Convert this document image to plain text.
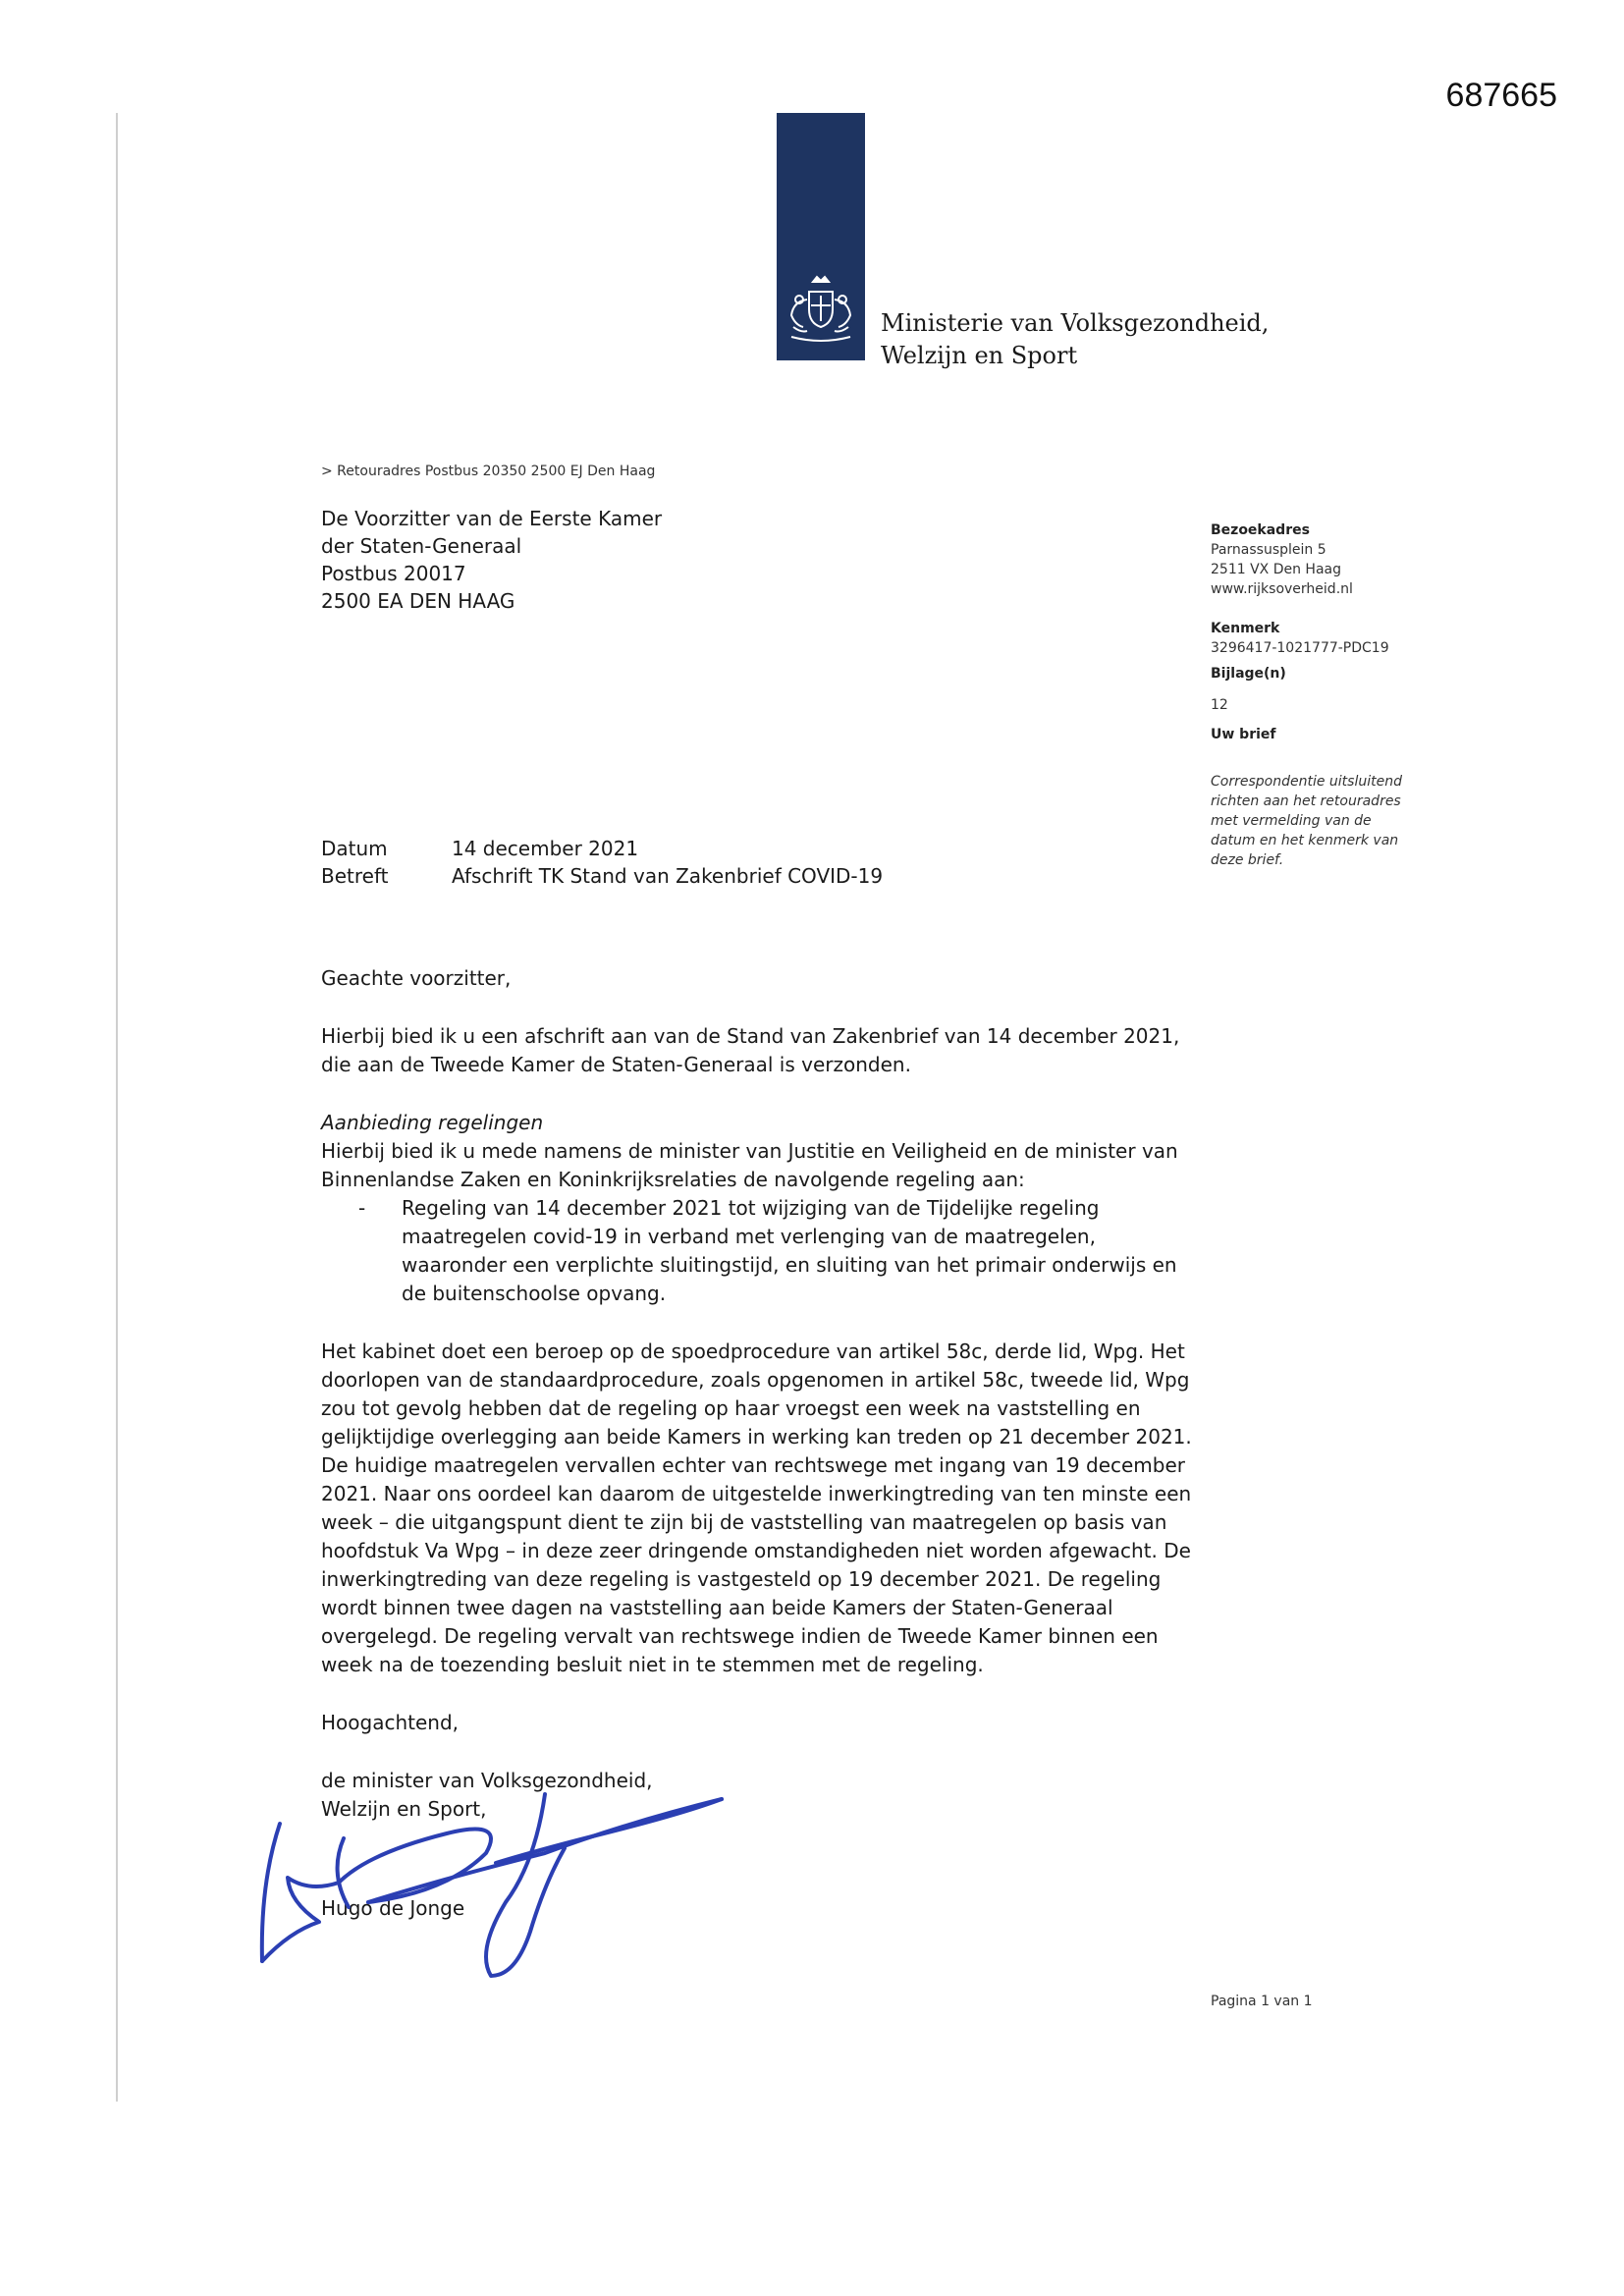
687665
Ministerie van Volksgezondheid,
Welzijn en Sport
> Retouradres Postbus 20350 2500 EJ Den Haag
De Voorzitter van de Eerste Kamer
der Staten-Generaal
Postbus 20017
2500 EA DEN HAAG
Bezoekadres
Parnassusplein 5
2511 VX Den Haag
www.rijksoverheid.nl
Kenmerk
3296417-1021777-PDC19
Bijlage(n)
12
Uw brief
Correspondentie uitsluitend
richten aan het retouradres
met vermelding van de
datum en het kenmerk van
deze brief.
Datum	14 december 2021
Betreft	Afschrift TK Stand van Zakenbrief COVID-19

Geachte voorzitter,

Hierbij bied ik u een afschrift aan van de Stand van Zakenbrief van 14 december 2021, die aan de Tweede Kamer de Staten-Generaal is verzonden.

Aanbieding regelingen
Hierbij bied ik u mede namens de minister van Justitie en Veiligheid en de minister van Binnenlandse Zaken en Koninkrijksrelaties de navolgende regeling aan:
- Regeling van 14 december 2021 tot wijziging van de Tijdelijke regeling maatregelen covid-19 in verband met verlenging van de maatregelen, waaronder een verplichte sluitingstijd, en sluiting van het primair onderwijs en de buitenschoolse opvang.

Het kabinet doet een beroep op de spoedprocedure van artikel 58c, derde lid, Wpg. Het doorlopen van de standaardprocedure, zoals opgenomen in artikel 58c, tweede lid, Wpg zou tot gevolg hebben dat de regeling op haar vroegst een week na vaststelling en gelijktijdige overlegging aan beide Kamers in werking kan treden op 21 december 2021. De huidige maatregelen vervallen echter van rechtswege met ingang van 19 december 2021. Naar ons oordeel kan daarom de uitgestelde inwerkingtreding van ten minste een week – die uitgangspunt dient te zijn bij de vaststelling van maatregelen op basis van hoofdstuk Va Wpg – in deze zeer dringende omstandigheden niet worden afgewacht. De inwerkingtreding van deze regeling is vastgesteld op 19 december 2021. De regeling wordt binnen twee dagen na vaststelling aan beide Kamers der Staten-Generaal overgelegd. De regeling vervalt van rechtswege indien de Tweede Kamer binnen een week na de toezending besluit niet in te stemmen met de regeling.

Hoogachtend,

de minister van Volksgezondheid,
Welzijn en Sport,
Hugo de Jonge
Pagina 1 van 1
